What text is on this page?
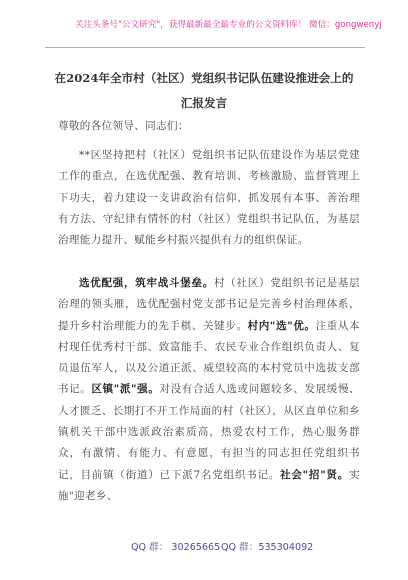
关注头条号"公文研究"，获得最新最全最专业的公文资料库！ 微信：gongwenyj
在2024年全市村（社区）党组织书记队伍建设推进会上的
汇报发言

尊敬的各位领导、同志们：

**区坚持把村（社区）党组织书记队伍建设作为基层党建工作的重点，在选优配强、教育培训、考核激励、监督管理上下功夫，着力建设一支讲政治有信仰、抓发展有本事、善治理有方法、守纪律有情怀的村（社区）党组织书记队伍，为基层治理能力提升、赋能乡村振兴提供有力的组织保证。

选优配强，筑牢战斗堡垒。村（社区）党组织书记是基层治理的领头雁，选优配强村党支部书记是完善乡村治理体系，提升乡村治理能力的先手棋、关键步。村内"选"优。注重从本村现任优秀村干部、致富能手、农民专业合作组织负责人、复员退伍军人，以及公道正派、威望较高的本村党员中选拔支部书记。区镇"派"强。对没有合适人选或问题较多、发展缓慢、人才匮乏、长期打不开工作局面的村（社区），从区直单位和乡镇机关干部中选派政治素质高，热爱农村工作，热心服务群众，有激情、有能力、有意愿，有担当的同志担任党组织书记，目前镇（街道）已下派7名党组织书记。社会"招"贤。实施"迎老乡、

QQ 群： 30265665 QQ 群：535304092
